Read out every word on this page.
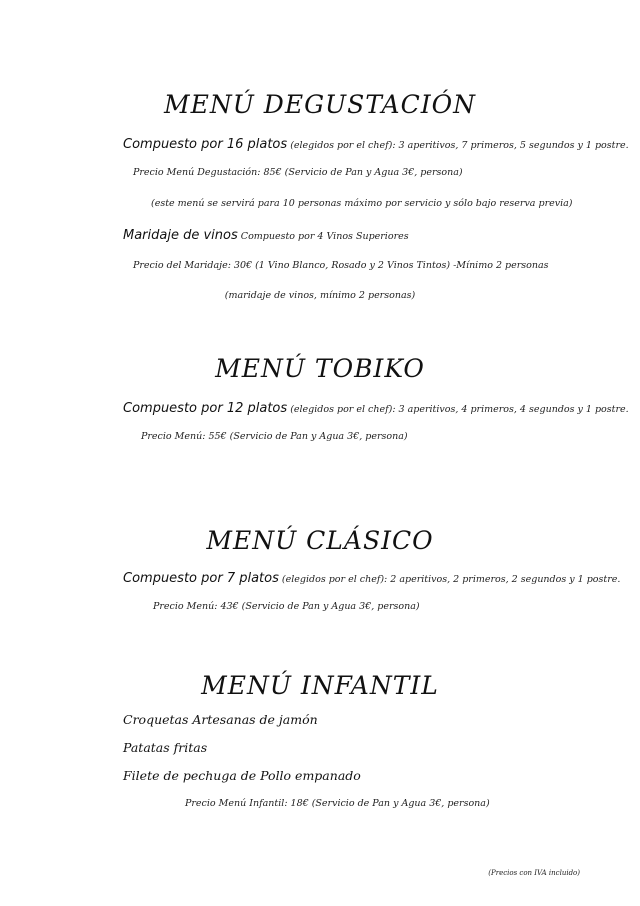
MENÚ DEGUSTACIÓN
Compuesto por 16 platos (elegidos por el chef): 3 aperitivos, 7 primeros, 5 segundos y 1 postre.
Precio Menú Degustación: 85€ (Servicio de Pan y Agua 3€, persona)
(este menú se servirá para 10 personas máximo por servicio y sólo bajo reserva previa)
Maridaje de vinos Compuesto por 4 Vinos Superiores
Precio del Maridaje: 30€ (1 Vino Blanco, Rosado y 2 Vinos Tintos) -Mínimo 2 personas
(maridaje de vinos, mínimo 2 personas)
MENÚ TOBIKO
Compuesto por 12 platos (elegidos por el chef): 3 aperitivos, 4 primeros, 4 segundos y 1 postre.
Precio Menú: 55€ (Servicio de Pan y Agua 3€, persona)
MENÚ CLÁSICO
Compuesto por 7 platos (elegidos por el chef): 2 aperitivos, 2 primeros, 2 segundos y 1 postre.
Precio Menú: 43€ (Servicio de Pan y Agua 3€, persona)
MENÚ INFANTIL
Croquetas Artesanas de jamón
Patatas fritas
Filete de pechuga de Pollo empanado
Precio Menú Infantil: 18€ (Servicio de Pan y Agua 3€, persona)
(Precios con IVA incluido)
